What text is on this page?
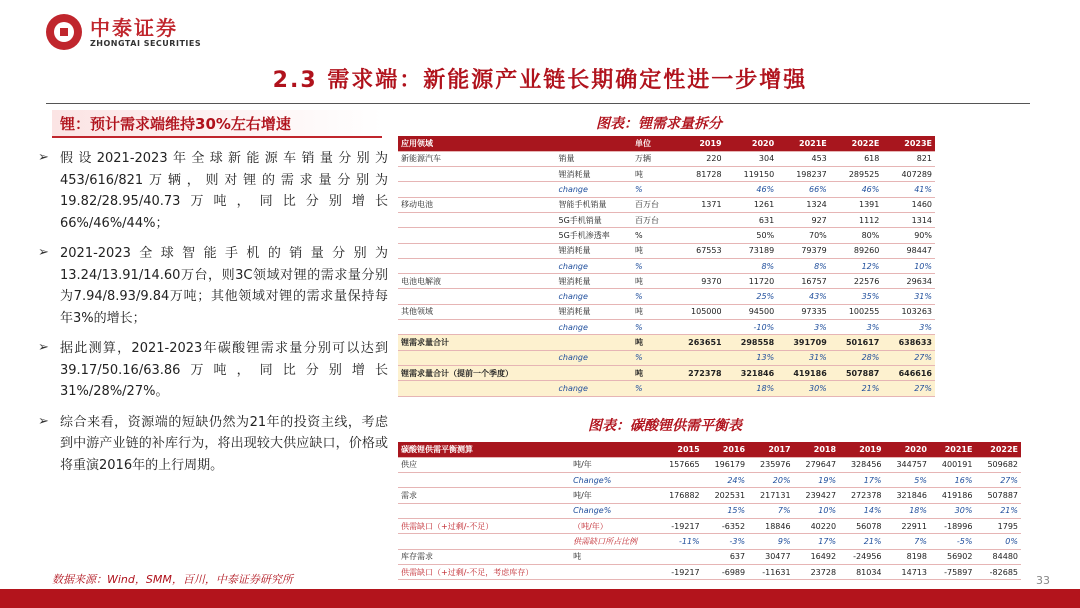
中泰证券
ZHONGTAI SECURITIES
2.3 需求端：新能源产业链长期确定性进一步增强
锂：预计需求端维持30%左右增速
➢ 假设2021-2023年全球新能源车销量分别为453/616/821万辆，则对锂的需求量分别为19.82/28.95/40.73万吨，同比分别增长66%/46%/44%；
➢ 2021-2023全球智能手机的销量分别为13.24/13.91/14.60万台，则3C领域对锂的需求量分别为7.94/8.93/9.84万吨；其他领域对锂的需求量保持每年3%的增长；
➢ 据此测算，2021-2023年碳酸锂需求量分别可以达到39.17/50.16/63.86万吨，同比分别增长31%/28%/27%。
➢ 综合来看，资源端的短缺仍然为21年的投资主线，考虑到中游产业链的补库行为，将出现较大供应缺口，价格或将重演2016年的上行周期。
图表：锂需求量拆分
应用领域		单位	2019	2020	2021E	2022E	2023E
新能源汽车	销量	万辆	220	304	453	618	821
	锂消耗量	吨	81728	119150	198237	289525	407289
	change	%		46%	66%	46%	41%
移动电池	智能手机销量	百万台	1371	1261	1324	1391	1460
	5G手机销量	百万台		631	927	1112	1314
	5G手机渗透率	%		50%	70%	80%	90%
	锂消耗量	吨	67553	73189	79379	89260	98447
	change	%		8%	8%	12%	10%
电池电解液	锂消耗量	吨	9370	11720	16757	22576	29634
	change	%		25%	43%	35%	31%
其他领域	锂消耗量	吨	105000	94500	97335	100255	103263
	change	%		-10%	3%	3%	3%
锂需求量合计		吨	263651	298558	391709	501617	638633
	change	%		13%	31%	28%	27%
锂需求量合计（提前一个季度）		吨	272378	321846	419186	507887	646616
	change	%		18%	30%	21%	27%
图表：碳酸锂供需平衡表
碳酸锂供需平衡测算		2015	2016	2017	2018	2019	2020	2021E	2022E
供应	吨/年	157665	196179	235976	279647	328456	344757	400191	509682
	Change%		24%	20%	19%	17%	5%	16%	27%
需求	吨/年	176882	202531	217131	239427	272378	321846	419186	507887
	Change%		15%	7%	10%	14%	18%	30%	21%
供需缺口（+过剩/-不足）	（吨/年）	-19217	-6352	18846	40220	56078	22911	-18996	1795
	供需缺口所占比例	-11%	-3%	9%	17%	21%	7%	-5%	0%
库存需求	吨		637	30477	16492	-24956	8198	56902	84480
供需缺口（+过剩/-不足，考虑库存）		-19217	-6989	-11631	23728	81034	14713	-75897	-82685
数据来源：Wind，SMM，百川，中泰证券研究所	33
